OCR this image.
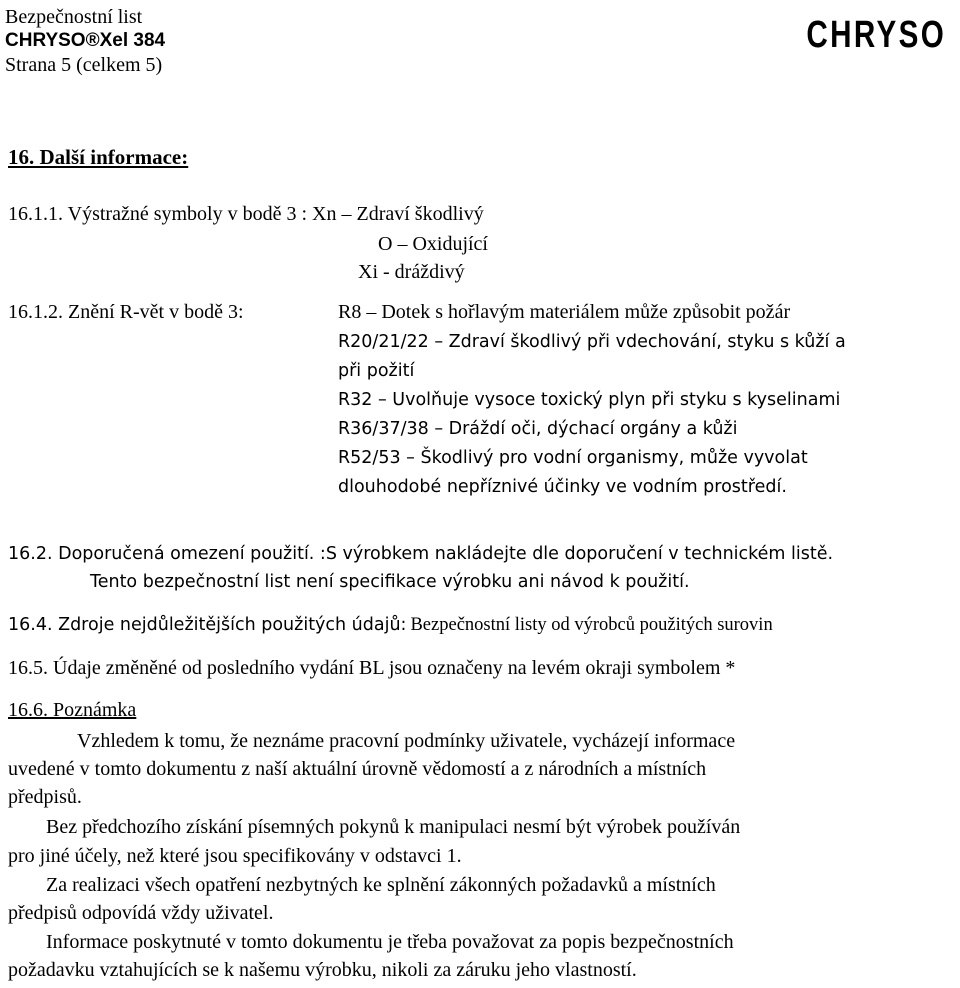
Bezpečnostní list
CHRYSO®Xel 384
Strana 5 (celkem 5)
CHRYSO
16. Další informace:
16.1.1. Výstražné symboly v bodě 3 : Xn – Zdraví škodlivý
O – Oxidující
Xi - dráždivý
16.1.2. Znění R-vět v bodě 3:	R8 – Dotek s hořlavým materiálem může způsobit požár
R20/21/22 – Zdraví škodlivý při vdechování, styku s kůží a
při požití
R32 – Uvolňuje vysoce toxický plyn při styku s kyselinami
R36/37/38 – Dráždí oči, dýchací orgány a kůži
R52/53 – Škodlivý pro vodní organismy, může vyvolat
dlouhodobé nepříznivé účinky ve vodním prostředí.
16.2. Doporučená omezení použití. :S výrobkem nakládejte dle doporučení v technickém listě.
Tento bezpečnostní list není specifikace výrobku ani návod k použití.
16.4. Zdroje nejdůležitějších použitých údajů: Bezpečnostní listy od výrobců použitých surovin
16.5. Údaje změněné od posledního vydání BL jsou označeny na levém okraji symbolem *
16.6. Poznámka
Vzhledem k tomu, že neznáme pracovní podmínky uživatele, vycházejí informace
uvedené v tomto dokumentu z naší aktuální úrovně vědomostí a z národních a místních
předpisů.
Bez předchozího získání písemných pokynů k manipulaci nesmí být výrobek používán
pro jiné účely, než které jsou specifikovány v odstavci 1.
Za realizaci všech opatření nezbytných ke splnění zákonných požadavků a místních
předpisů odpovídá vždy uživatel.
Informace poskytnuté v tomto dokumentu je třeba považovat za popis bezpečnostních
požadavku vztahujících se k našemu výrobku, nikoli za záruku jeho vlastností.
